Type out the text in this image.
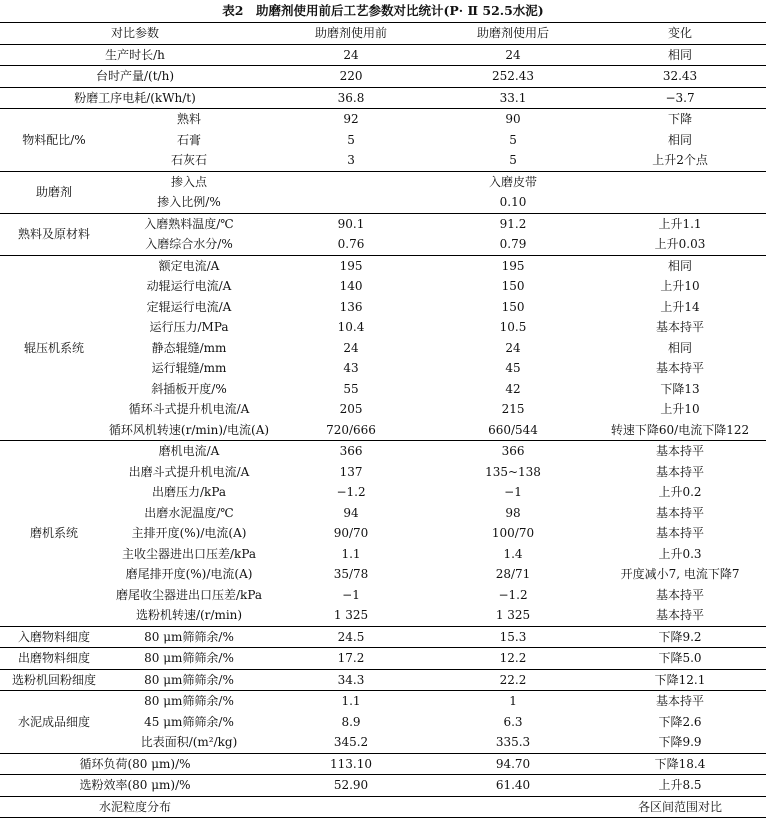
表2　助磨剂使用前后工艺参数对比统计(P· Ⅱ 52.5水泥)
对比参数		助磨剂使用前	助磨剂使用后	变化
生产时长/h		24	24	相同
台时产量/(t/h)		220	252.43	32.43
粉磨工序电耗/(kWh/t)		36.8	33.1	−3.7
物料配比/%	熟料	92	90	下降
	石膏	5	5	相同
	石灰石	3	5	上升2个点
助磨剂	掺入点		入磨皮带	
	掺入比例/%		0.10	
熟料及原材料	入磨熟料温度/℃	90.1	91.2	上升1.1
	入磨综合水分/%	0.76	0.79	上升0.03
辊压机系统	额定电流/A	195	195	相同
	动辊运行电流/A	140	150	上升10
	定辊运行电流/A	136	150	上升14
	运行压力/MPa	10.4	10.5	基本持平
	静态辊缝/mm	24	24	相同
	运行辊缝/mm	43	45	基本持平
	斜插板开度/%	55	42	下降13
	循环斗式提升机电流/A	205	215	上升10
	循环风机转速(r/min)/电流(A)	720/666	660/544	转速下降60/电流下降122
磨机系统	磨机电流/A	366	366	基本持平
	出磨斗式提升机电流/A	137	135~138	基本持平
	出磨压力/kPa	−1.2	−1	上升0.2
	出磨水泥温度/℃	94	98	基本持平
	主排开度(%)/电流(A)	90/70	100/70	基本持平
	主收尘器进出口压差/kPa	1.1	1.4	上升0.3
	磨尾排开度(%)/电流(A)	35/78	28/71	开度减小7, 电流下降7
	磨尾收尘器进出口压差/kPa	−1	−1.2	基本持平
	选粉机转速/(r/min)	1 325	1 325	基本持平
入磨物料细度	80 μm筛筛余/%	24.5	15.3	下降9.2
出磨物料细度	80 μm筛筛余/%	17.2	12.2	下降5.0
选粉机回粉细度	80 μm筛筛余/%	34.3	22.2	下降12.1
水泥成品细度	80 μm筛筛余/%	1.1	1	基本持平
	45 μm筛筛余/%	8.9	6.3	下降2.6
	比表面积/(m²/kg)	345.2	335.3	下降9.9
循环负荷(80 μm)/%		113.10	94.70	下降18.4
选粉效率(80 μm)/%		52.90	61.40	上升8.5
水泥粒度分布				各区间范围对比
